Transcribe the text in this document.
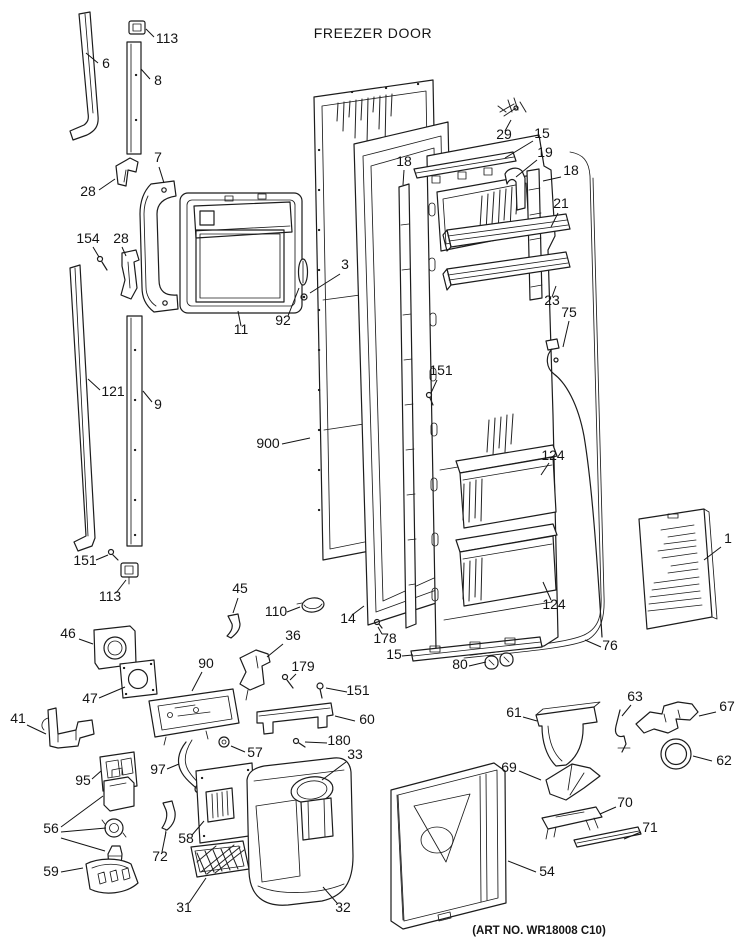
FREEZER DOOR
113
6
8
7
28
154 28
121
9
151
113
11
92
3
900
29 15
19
18
18
21
23
75
151
124
124
1
14
178
15
80
76
46
47
41
45
110
36
179
151
90
60
180
57
97
33
58
72
95
56
59
31	32
61
63
67
62
69
70
71
54
(ART NO. WR18008 C10)
